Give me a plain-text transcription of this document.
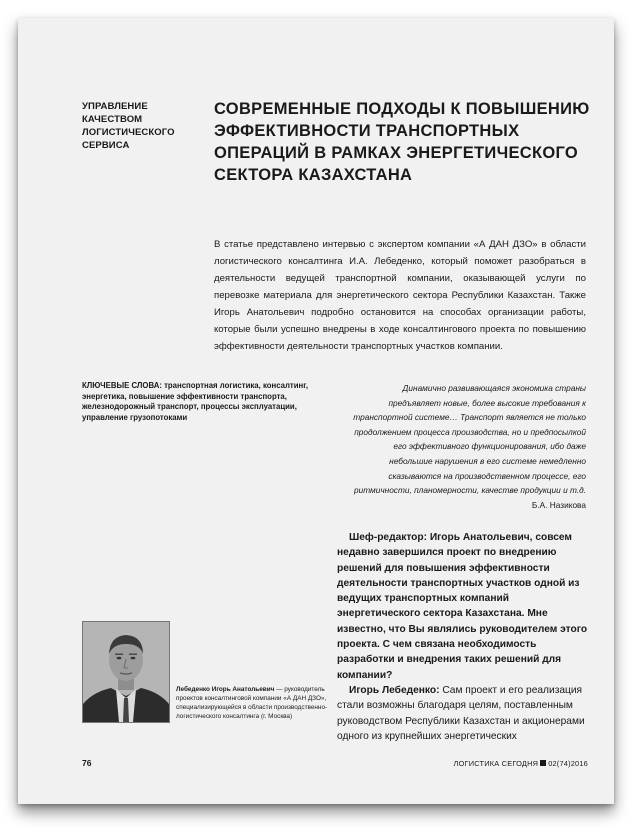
УПРАВЛЕНИЕ КАЧЕСТВОМ ЛОГИСТИЧЕСКОГО СЕРВИСА
СОВРЕМЕННЫЕ ПОДХОДЫ К ПОВЫШЕНИЮ ЭФФЕКТИВНОСТИ ТРАНСПОРТНЫХ ОПЕРАЦИЙ В РАМКАХ ЭНЕРГЕТИЧЕСКОГО СЕКТОРА КАЗАХСТАНА
В статье представлено интервью с экспертом компании «А ДАН ДЗО» в области логистического консалтинга И.А. Лебеденко, который поможет разобраться в деятельности ведущей транспортной компании, оказывающей услуги по перевозке материала для энергетического сектора Республики Казахстан. Также Игорь Анатольевич подробно остановится на способах организации работы, которые были успешно внедрены в ходе консалтингового проекта по повышению эффективности деятельности транспортных участков компании.
КЛЮЧЕВЫЕ СЛОВА: транспортная логистика, консалтинг, энергетика, повышение эффективности транспорта, железнодорожный транспорт, процессы эксплуатации, управление грузопотоками
Динамично развивающаяся экономика страны предъявляет новые, более высокие требования к транспортной системе… Транспорт является не только продолжением процесса производства, но и предпосылкой его эффективного функционирования, ибо даже небольшие нарушения в его системе немедленно сказываются на производственном процессе, его ритмичности, планомерности, качестве продукции и т.д.
Б.А. Назикова

Шеф-редактор: Игорь Анатольевич, совсем недавно завершился проект по внедрению решений для повышения эффективности деятельности транспортных участков одной из ведущих транспортных компаний энергетического сектора Казахстана. Мне известно, что Вы являлись руководителем этого проекта. С чем связана необходимость разработки и внедрения таких решений для компании?

Игорь Лебеденко: Сам проект и его реализация стали возможны благодаря целям, поставленным руководством Республики Казахстан и акционерами одного из крупнейших энергетических

Лебеденко Игорь Анатольевич — руководитель проектов консалтинговой компании «А ДАН ДЗО», специализирующейся в области производственно-логистического консалтинга (г. Москва)
76	ЛОГИСТИКА СЕГОДНЯ 02(74)2016
